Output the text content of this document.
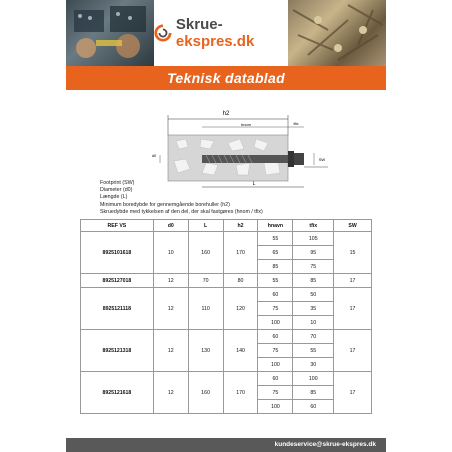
Skrue-ekspres.dk
Teknisk datablad
h2
hnom	tfix
d0
L
SW
Footprint (SW)
Diameter (d0)
Længde (L)
Minimum boredybde for gennemgående borehuller (h2)
Skruedybde med tykkelsen af den del, der skal fastgøres (hnom / tfix)
REF VS	d0	L	h2	hnavn	tfix	SW
8925101618	10	160	170	55	105	15
				65	95	
				85	75	
8925127018	12	70	80	55	85	17
8925121118	12	110	120	60	50	17
				75	35	
				100	10	
8925121318	12	130	140	60	70	17
				75	55	
				100	30	
8925121618	12	160	170	60	100	17
				75	85	
				100	60	
kundeservice@skrue-ekspres.dk
